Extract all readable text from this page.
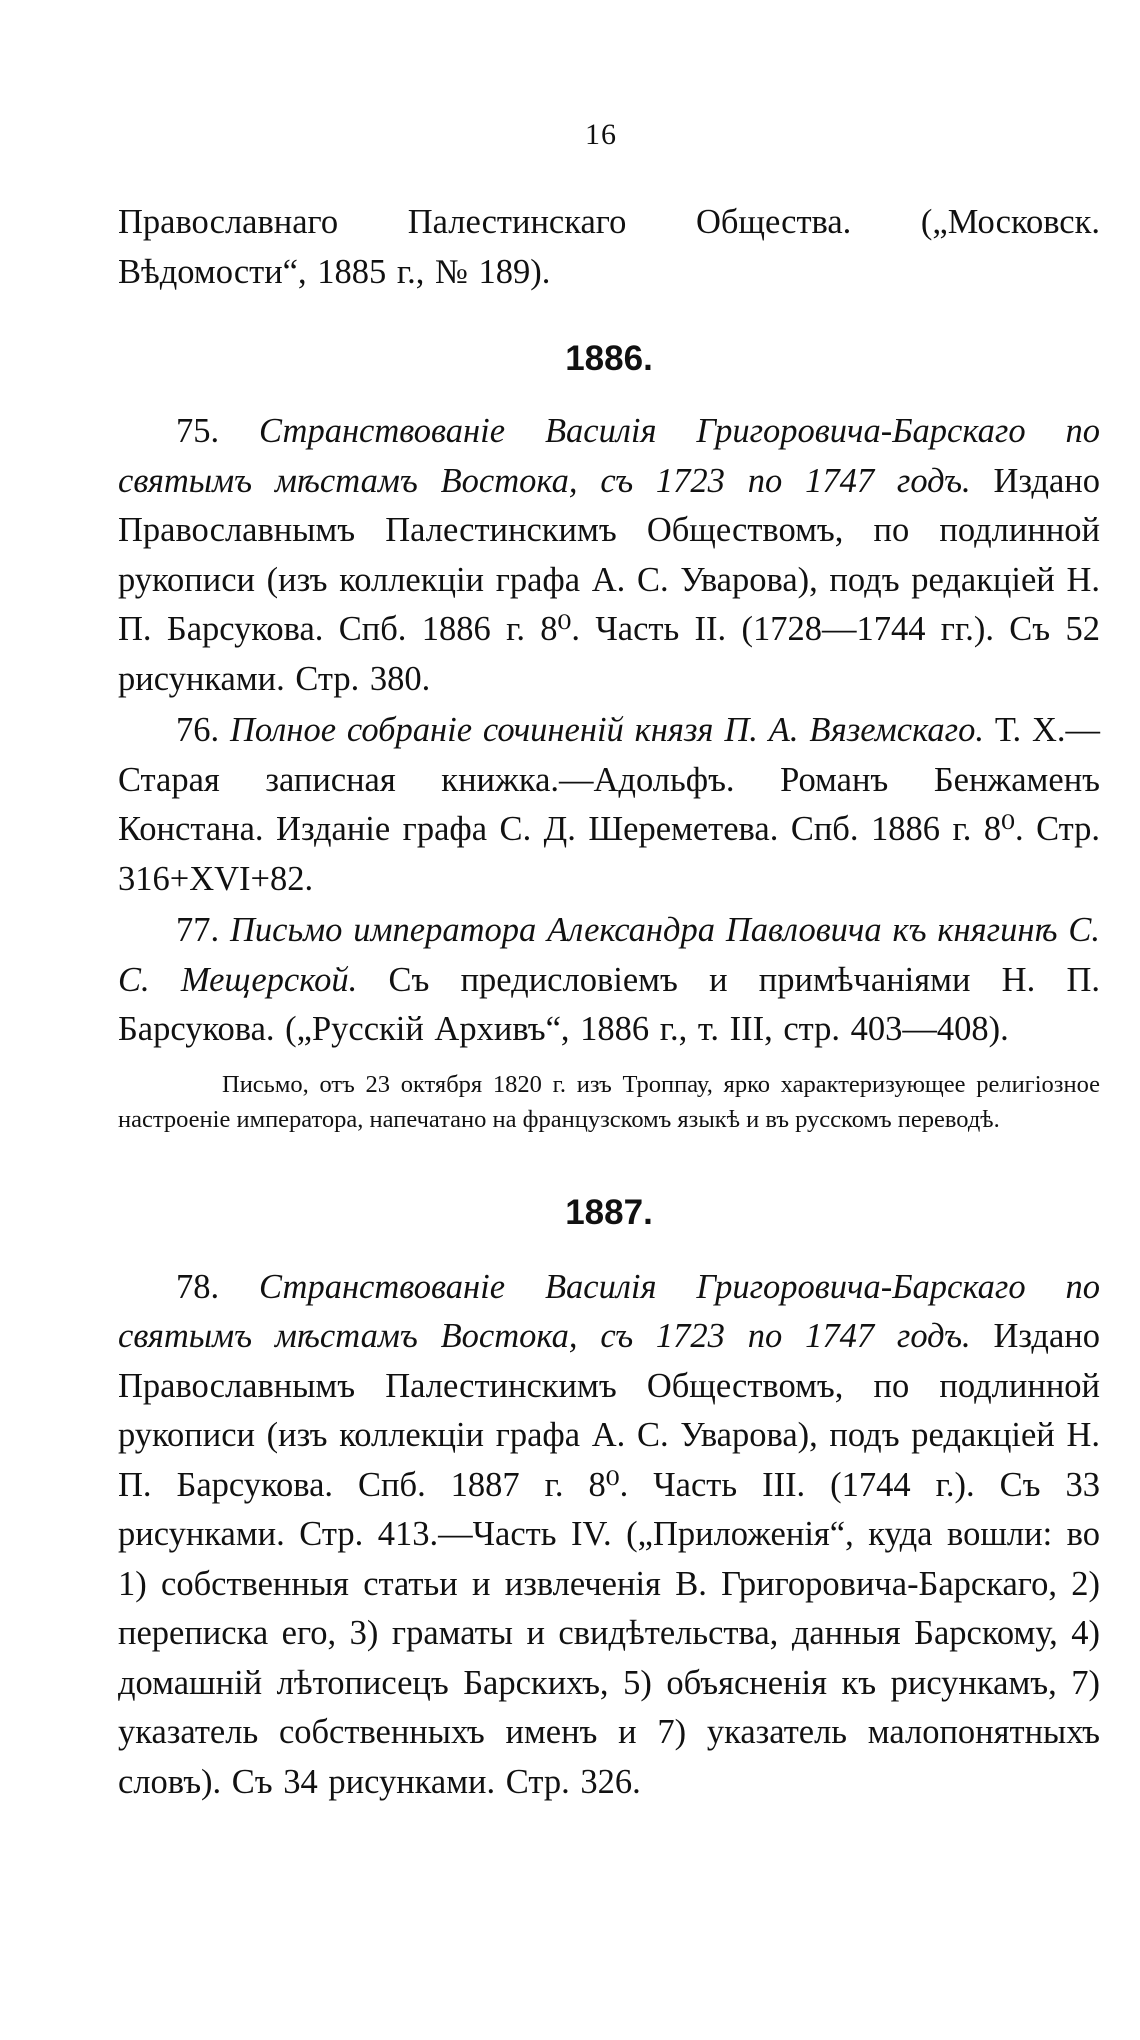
16

Православнаго Палестинскаго Общества. („Московск. Вѣдомости“, 1885 г., № 189).

1886.

75. Странствованіе Василія Григоровича-Барскаго по святымъ мѣстамъ Востока, съ 1723 по 1747 годъ. Издано Православнымъ Палестинскимъ Обществомъ, по подлинной рукописи (изъ коллекціи графа А. С. Уварова), подъ редакціей Н. П. Барсукова. Спб. 1886 г. 8⁰. Часть II. (1728—1744 гг.). Съ 52 рисунками. Стр. 380.

76. Полное собраніе сочиненій князя П. А. Вяземскаго. Т. X.—Старая записная книжка.—Адольфъ. Романъ Бенжаменъ Констана. Изданіе графа С. Д. Шереметева. Спб. 1886 г. 8⁰. Стр. 316+XVI+82.

77. Письмо императора Александра Павловича къ княгинѣ С. С. Мещерской. Съ предисловіемъ и примѣчаніями Н. П. Барсукова. („Русскій Архивъ“, 1886 г., т. III, стр. 403—408).

Письмо, отъ 23 октября 1820 г. изъ Троппау, ярко характеризующее религіозное настроеніе императора, напечатано на французскомъ языкѣ и въ русскомъ переводѣ.

1887.

78. Странствованіе Василія Григоровича-Барскаго по святымъ мѣстамъ Востока, съ 1723 по 1747 годъ. Издано Православнымъ Палестинскимъ Обществомъ, по подлинной рукописи (изъ коллекціи графа А. С. Уварова), подъ редакціей Н. П. Барсукова. Спб. 1887 г. 8⁰. Часть III. (1744 г.). Съ 33 рисунками. Стр. 413.—Часть IV. („Приложенія“, куда вошли: во 1) собственныя статьи и извлеченія В. Григоровича-Барскаго, 2) переписка его, 3) граматы и свидѣтельства, данныя Барскому, 4) домашній лѣтописецъ Барскихъ, 5) объясненія къ рисункамъ, 7) указатель собственныхъ именъ и 7) указатель малопонятныхъ словъ). Съ 34 рисунками. Стр. 326.
